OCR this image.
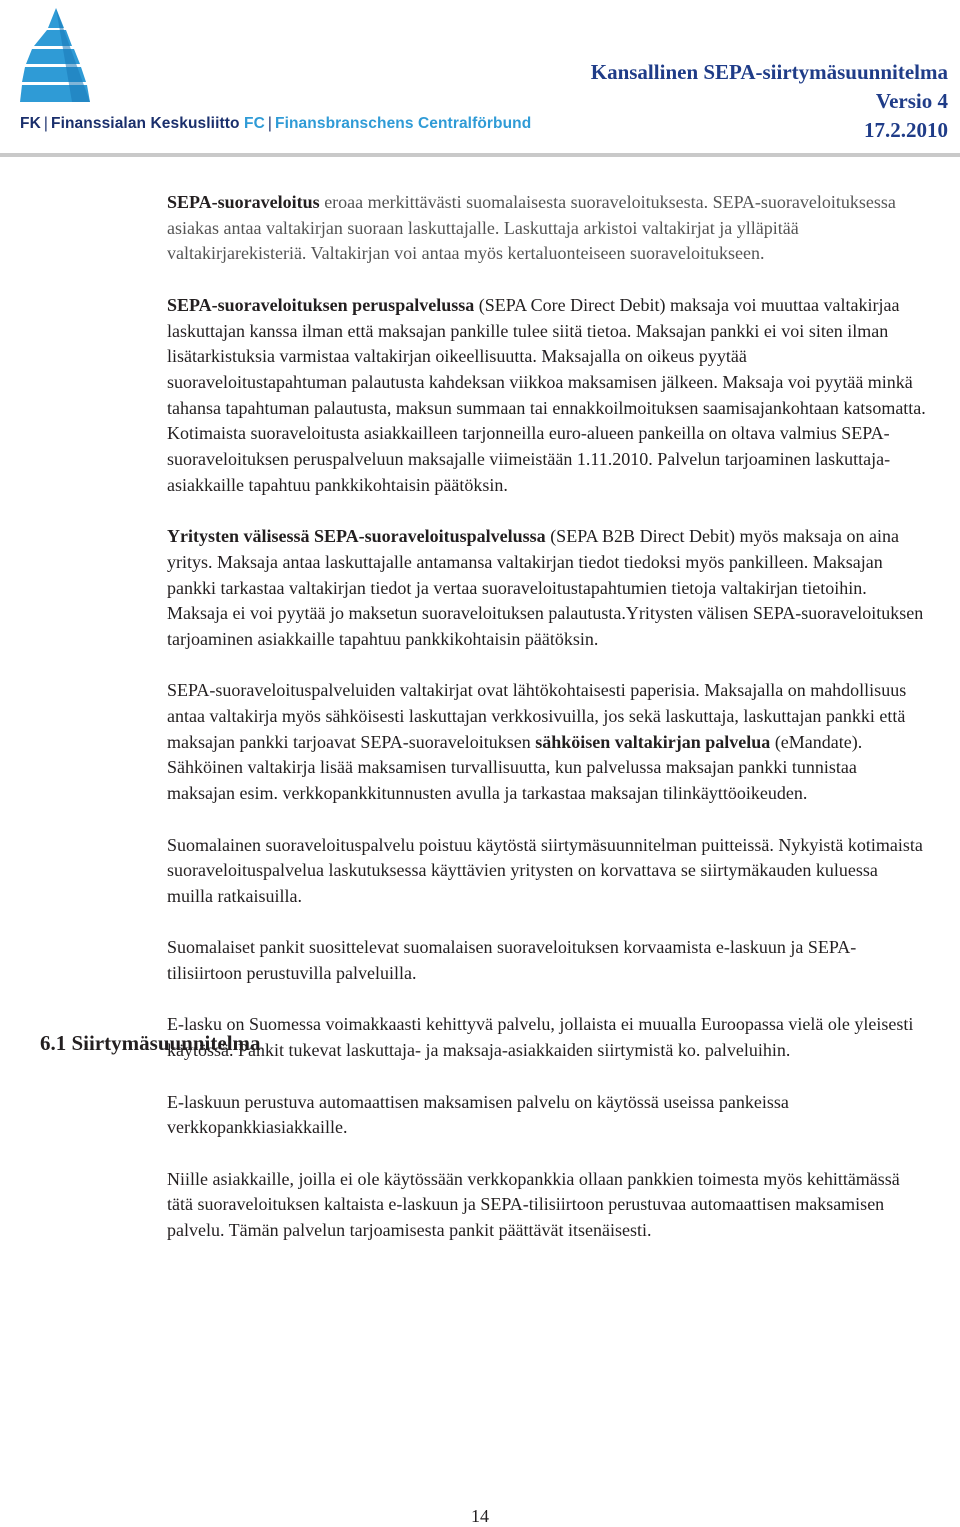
FK | Finanssialan Keskusliitto FC | Finansbranschens Centralförbund
Kansallinen SEPA-siirtymäsuunnitelma
Versio 4
17.2.2010

SEPA-suoraveloitus eroaa merkittävästi suomalaisesta suoraveloituksesta. SEPA-suoraveloituksessa asiakas antaa valtakirjan suoraan laskuttajalle. Laskuttaja arkistoi valtakirjat ja ylläpitää valtakirjarekisteriä. Valtakirjan voi antaa myös kertaluonteiseen suoraveloitukseen.

SEPA-suoraveloituksen peruspalvelussa (SEPA Core Direct Debit) maksaja voi muuttaa valtakirjaa laskuttajan kanssa ilman että maksajan pankille tulee siitä tietoa. Maksajan pankki ei voi siten ilman lisätarkistuksia varmistaa valtakirjan oikeellisuutta. Maksajalla on oikeus pyytää suoraveloitustapahtuman palautusta kahdeksan viikkoa maksamisen jälkeen. Maksaja voi pyytää minkä tahansa tapahtuman palautusta, maksun summaan tai ennakkoilmoituksen saamisajankohtaan katsomatta. Kotimaista suoraveloitusta asiakkailleen tarjonneilla euro-alueen pankeilla on oltava valmius SEPA-suoraveloituksen peruspalveluun maksajalle viimeistään 1.11.2010. Palvelun tarjoaminen laskuttaja-asiakkaille tapahtuu pankkikohtaisin päätöksin.

Yritysten välisessä SEPA-suoraveloituspalvelussa (SEPA B2B Direct Debit) myös maksaja on aina yritys. Maksaja antaa laskuttajalle antamansa valtakirjan tiedot tiedoksi myös pankilleen. Maksajan pankki tarkastaa valtakirjan tiedot ja vertaa suoraveloitustapahtumien tietoja valtakirjan tietoihin. Maksaja ei voi pyytää jo maksetun suoraveloituksen palautusta.Yritysten välisen SEPA-suoraveloituksen tarjoaminen asiakkaille tapahtuu pankkikohtaisin päätöksin.

SEPA-suoraveloituspalveluiden valtakirjat ovat lähtökohtaisesti paperisia. Maksajalla on mahdollisuus antaa valtakirja myös sähköisesti laskuttajan verkkosivuilla, jos sekä laskuttaja, laskuttajan pankki että maksajan pankki tarjoavat SEPA-suoraveloituksen sähköisen valtakirjan palvelua (eMandate). Sähköinen valtakirja lisää maksamisen turvallisuutta, kun palvelussa maksajan pankki tunnistaa maksajan esim. verkkopankkitunnusten avulla ja tarkastaa maksajan tilinkäyttöoikeuden.

Suomalainen suoraveloituspalvelu poistuu käytöstä siirtymäsuunnitelman puitteissä. Nykyistä kotimaista suoraveloituspalvelua laskutuksessa käyttävien yritysten on korvattava se siirtymäkauden kuluessa muilla ratkaisuilla.

Suomalaiset pankit suosittelevat suomalaisen suoraveloituksen korvaamista e-laskuun ja SEPA-tilisiirtoon perustuvilla palveluilla.

E-lasku on Suomessa voimakkaasti kehittyvä palvelu, jollaista ei muualla Euroopassa vielä ole yleisesti käytössä. Pankit tukevat laskuttaja- ja maksaja-asiakkaiden siirtymistä ko. palveluihin.

E-laskuun perustuva automaattisen maksamisen palvelu on käytössä useissa pankeissa verkkopankkiasiakkaille.

Niille asiakkaille, joilla ei ole käytössään verkkopankkia ollaan pankkien toimesta myös kehittämässä tätä suoraveloituksen kaltaista e-laskuun ja SEPA-tilisiirtoon perustuvaa automaattisen maksamisen palvelu. Tämän palvelun tarjoamisesta pankit päättävät itsenäisesti.

6.1 Siirtymäsuunnitelma
14
